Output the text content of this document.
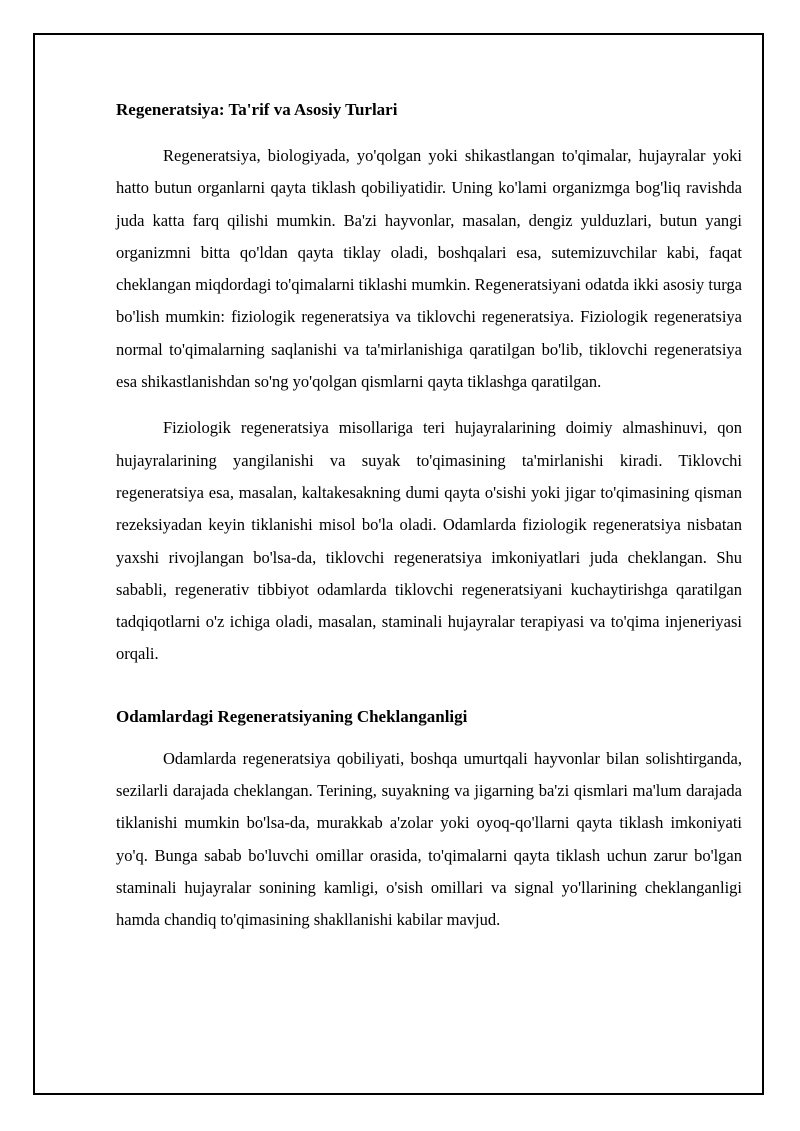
Regeneratsiya: Ta'rif va Asosiy Turlari

Regeneratsiya, biologiyada, yo'qolgan yoki shikastlangan to'qimalar, hujayralar yoki hatto butun organlarni qayta tiklash qobiliyatidir. Uning ko'lami organizmga bog'liq ravishda juda katta farq qilishi mumkin. Ba'zi hayvonlar, masalan, dengiz yulduzlari, butun yangi organizmni bitta qo'ldan qayta tiklay oladi, boshqalari esa, sutemizuvchilar kabi, faqat cheklangan miqdordagi to'qimalarni tiklashi mumkin. Regeneratsiyani odatda ikki asosiy turga bo'lish mumkin: fiziologik regeneratsiya va tiklovchi regeneratsiya. Fiziologik regeneratsiya normal to'qimalarning saqlanishi va ta'mirlanishiga qaratilgan bo'lib, tiklovchi regeneratsiya esa shikastlanishdan so'ng yo'qolgan qismlarni qayta tiklashga qaratilgan.

Fiziologik regeneratsiya misollariga teri hujayralarining doimiy almashinuvi, qon hujayralarining yangilanishi va suyak to'qimasining ta'mirlanishi kiradi. Tiklovchi regeneratsiya esa, masalan, kaltakesakning dumi qayta o'sishi yoki jigar to'qimasining qisman rezeksiyadan keyin tiklanishi misol bo'la oladi. Odamlarda fiziologik regeneratsiya nisbatan yaxshi rivojlangan bo'lsa-da, tiklovchi regeneratsiya imkoniyatlari juda cheklangan. Shu sababli, regenerativ tibbiyot odamlarda tiklovchi regeneratsiyani kuchaytirishga qaratilgan tadqiqotlarni o'z ichiga oladi, masalan, staminali hujayralar terapiyasi va to'qima injeneriyasi orqali.

Odamlardagi Regeneratsiyaning Cheklanganligi

Odamlarda regeneratsiya qobiliyati, boshqa umurtqali hayvonlar bilan solishtirganda, sezilarli darajada cheklangan. Terining, suyakning va jigarning ba'zi qismlari ma'lum darajada tiklanishi mumkin bo'lsa-da, murakkab a'zolar yoki oyoq-qo'llarni qayta tiklash imkoniyati yo'q. Bunga sabab bo'luvchi omillar orasida, to'qimalarni qayta tiklash uchun zarur bo'lgan staminali hujayralar sonining kamligi, o'sish omillari va signal yo'llarining cheklanganligi hamda chandiq to'qimasining shakllanishi kabilar mavjud.
